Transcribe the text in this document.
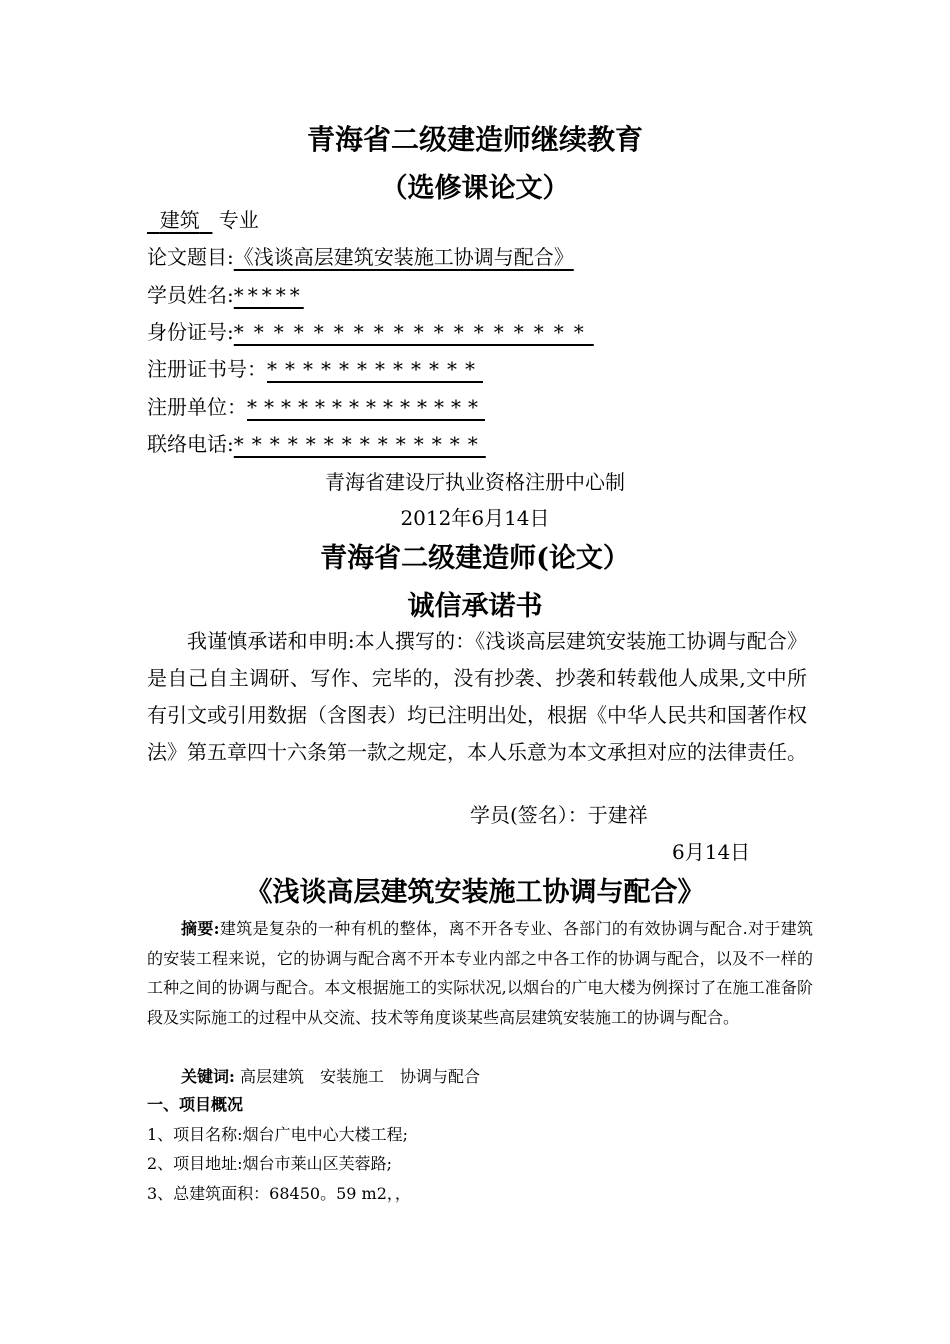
青海省二级建造师继续教育
（选修课论文）
建筑 专业
论文题目:《浅谈高层建筑安装施工协调与配合》
学员姓名:*****
身份证号:******************
注册证书号：************
注册单位：**************
联络电话:**************
青海省建设厅执业资格注册中心制
2012年6月14日
青海省二级建造师(论文）
诚信承诺书
我谨慎承诺和申明:本人撰写的：《浅谈高层建筑安装施工协调与配合》是自己自主调研、写作、完毕的，没有抄袭、抄袭和转载他人成果,文中所有引文或引用数据（含图表）均已注明出处，根据《中华人民共和国著作权法》第五章四十六条第一款之规定，本人乐意为本文承担对应的法律责任。
学员(签名）：于建祥
6月14日
《浅谈高层建筑安装施工协调与配合》
摘要:建筑是复杂的一种有机的整体，离不开各专业、各部门的有效协调与配合.对于建筑的安装工程来说，它的协调与配合离不开本专业内部之中各工作的协调与配合，以及不一样的工种之间的协调与配合。本文根据施工的实际状况,以烟台的广电大楼为例探讨了在施工准备阶段及实际施工的过程中从交流、技术等角度谈某些高层建筑安装施工的协调与配合。
关键词: 高层建筑　安装施工　协调与配合
一、项目概况
1、项目名称:烟台广电中心大楼工程;
2、项目地址:烟台市莱山区芙蓉路;
3、总建筑面积：68450。59 m2，，
